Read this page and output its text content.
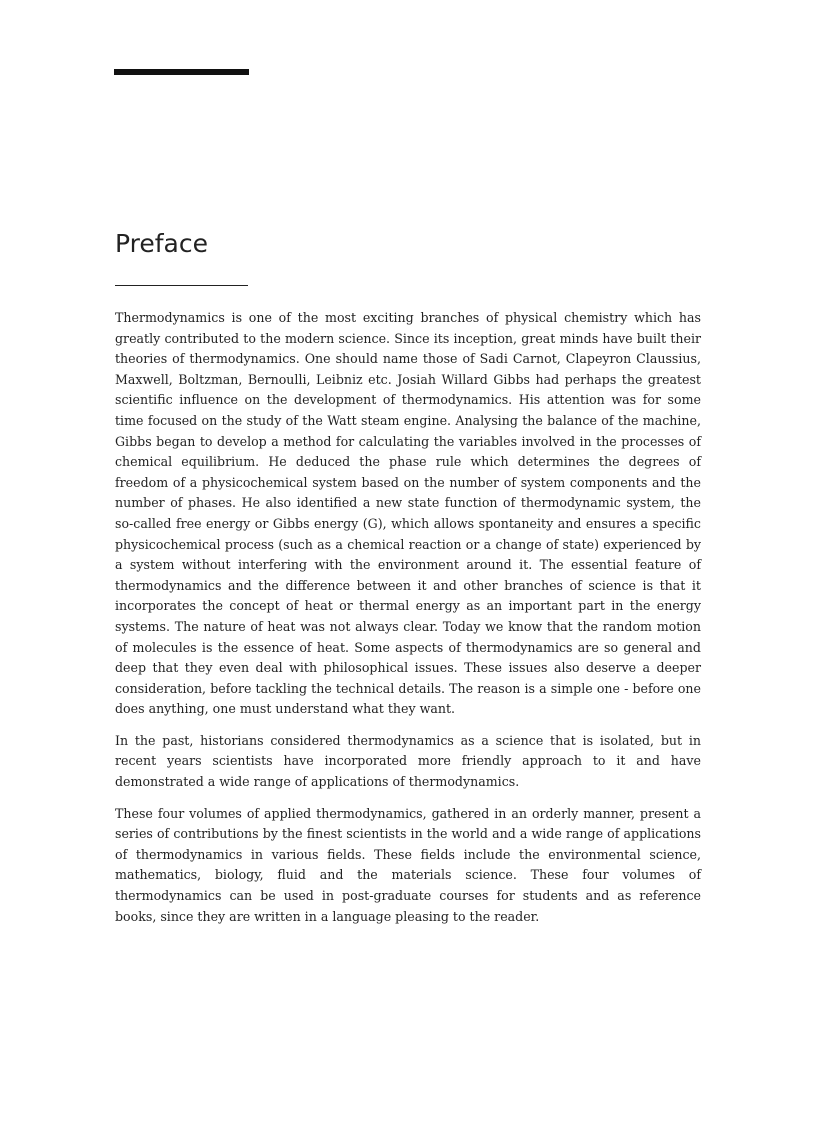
Preface

Thermodynamics is one of the most exciting branches of physical chemistry which has greatly contributed to the modern science. Since its inception, great minds have built their theories of thermodynamics. One should name those of Sadi Carnot, Clapeyron Claussius, Maxwell, Boltzman, Bernoulli, Leibniz etc. Josiah Willard Gibbs had perhaps the greatest scientific influence on the development of thermodynamics. His attention was for some time focused on the study of the Watt steam engine. Analysing the balance of the machine, Gibbs began to develop a method for calculating the variables involved in the processes of chemical equilibrium. He deduced the phase rule which determines the degrees of freedom of a physicochemical system based on the number of system components and the number of phases. He also identified a new state function of thermodynamic system, the so-called free energy or Gibbs energy (G), which allows spontaneity and ensures a specific physicochemical process (such as a chemical reaction or a change of state) experienced by a system without interfering with the environment around it. The essential feature of thermodynamics and the difference between it and other branches of science is that it incorporates the concept of heat or thermal energy as an important part in the energy systems. The nature of heat was not always clear. Today we know that the random motion of molecules is the essence of heat. Some aspects of thermodynamics are so general and deep that they even deal with philosophical issues. These issues also deserve a deeper consideration, before tackling the technical details. The reason is a simple one - before one does anything, one must understand what they want.

In the past, historians considered thermodynamics as a science that is isolated, but in recent years scientists have incorporated more friendly approach to it and have demonstrated a wide range of applications of thermodynamics.

These four volumes of applied thermodynamics, gathered in an orderly manner, present a series of contributions by the finest scientists in the world and a wide range of applications of thermodynamics in various fields. These fields include the environmental science, mathematics, biology, fluid and the materials science. These four volumes of thermodynamics can be used in post-graduate courses for students and as reference books, since they are written in a language pleasing to the reader.
